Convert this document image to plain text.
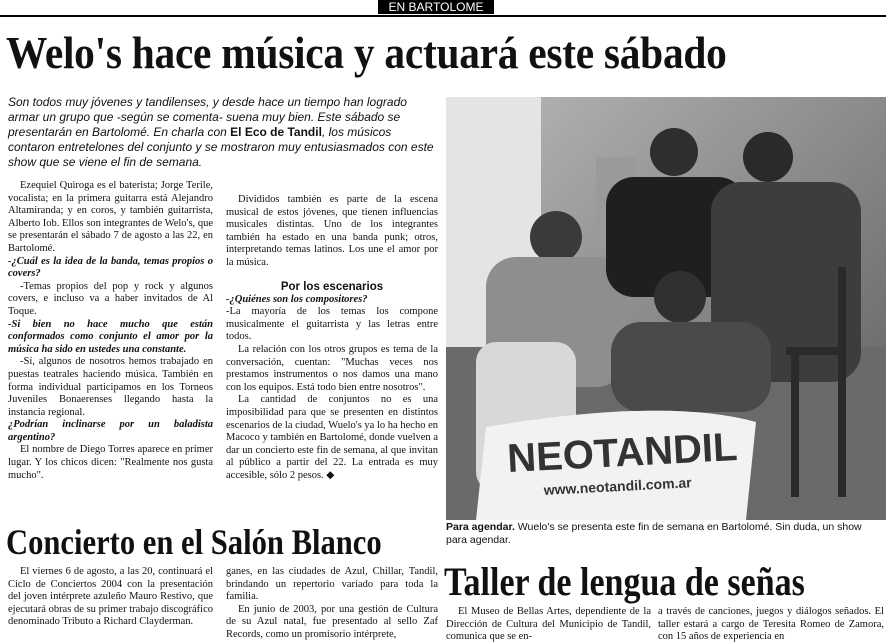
EN BARTOLOME
Welo's hace música y actuará este sábado
Son todos muy jóvenes y tandilenses, y desde hace un tiempo han logrado armar un grupo que -según se comenta- suena muy bien. Este sábado se presentarán en Bartolomé. En charla con El Eco de Tandil, los músicos contaron entretelones del conjunto y se mostraron muy entusiasmados con este show que se viene el fin de semana.

Ezequiel Quiroga es el baterista; Jorge Terile, vocalista; en la primera guitarra está Alejandro Altamiranda; y en coros, y también guitarrista, Alberto Iob. Ellos son integrantes de Welo's, que se presentarán el sábado 7 de agosto a las 22, en Bartolomé.

-¿Cuál es la idea de la banda, temas propios o covers?

-Temas propios del pop y rock y algunos covers, e incluso va a haber invitados de Al Toque.

-Si bien no hace mucho que están conformados como conjunto el amor por la música ha sido en ustedes una constante.

-Sí, algunos de nosotros hemos trabajado en puestas teatrales haciendo música. También en forma individual participamos en los Torneos Juveniles Bonaerenses llegando hasta la instancia regional.

¿Podrían inclinarse por un baladista argentino?

El nombre de Diego Torres aparece en primer lugar. Y los chicos dicen: "Realmente nos gusta mucho".

Divididos también es parte de la escena musical de estos jóvenes, que tienen influencias musicales distintas. Uno de los integrantes también ha estado en una banda punk; otros, interpretando temas latinos. Los une el amor por la música.

Por los escenarios

-¿Quiénes son los compositores?

-La mayoría de los temas los compone musicalmente el guitarrista y las letras entre todos.

La relación con los otros grupos es tema de la conversación, cuentan: "Muchas veces nos prestamos instrumentos o nos damos una mano con los equipos. Está todo bien entre nosotros".

La cantidad de conjuntos no es una imposibilidad para que se presenten en distintos escenarios de la ciudad, Wuelo's ya lo ha hecho en Macoco y también en Bartolomé, donde vuelven a dar un concierto este fin de semana, al que invitan al público a partir del 22. La entrada es muy accesible, sólo 2 pesos. ◆	NEOTANDIL
www.neotandil.com.ar
Para agendar. Wuelo's se presenta este fin de semana en Bartolomé. Sin duda, un show para agendar.
Concierto en el Salón Blanco

El viernes 6 de agosto, a las 20, continuará el Ciclo de Conciertos 2004 con la presentación del joven intérprete azuleño Mauro Restivo, que ejecutará obras de su primer trabajo discográfico denominado Tributo a Richard Clayderman.

ganes, en las ciudades de Azul, Chillar, Tandil, brindando un repertorio variado para toda la familia.

En junio de 2003, por una gestión de Cultura de su Azul natal, fue presentado al sello Zaf Records, como un promisorio intérprete,

Taller de lengua de señas

El Museo de Bellas Artes, dependiente de la Dirección de Cultura del Municipio de Tandil, comunica que se en-

a través de canciones, juegos y diálogos señados. El taller estará a cargo de Teresita Romeo de Zamora, con 15 años de experiencia en
